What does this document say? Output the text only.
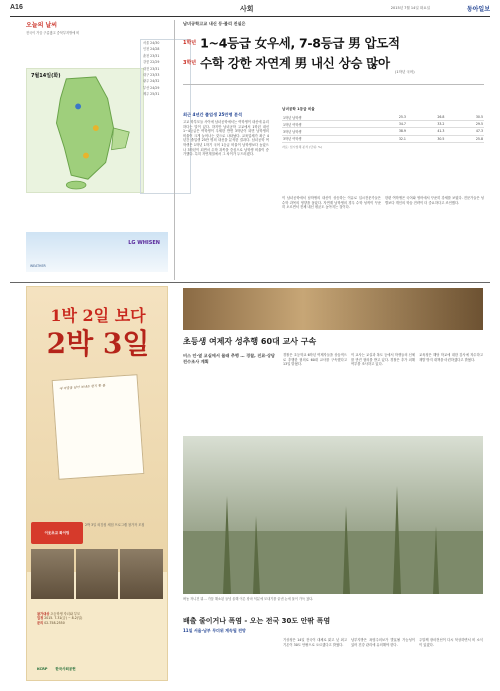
A16	사회	2015년 7월 14일 화요일	동아일보
오늘의 날씨
전국이 가끔 구름많고 중북부지방에 비
7월14일(화)
서울 24/30
인천 24/28
춘천 23/31
강릉 22/29
대전 23/31
대구 23/33
광주 24/32
부산 24/29
제주 25/31
LG WHISEN
WEATHER
남녀공학고교 내신 등·불리 진실은
1학년 1~4등급 女우세, 7-8등급 男 압도적
3학년 수학 강한 자연계 男 내신 상승 많아
(1학년 국어)
최근 4년간 졸업생 25만명 분석
고교 학부모들 사이에 남녀공학에서는 여학생이 내신에 유리하다는 말이 있다. 하지만 남녀공학 고교에서 1학년 내신 1~4등급은 여학생이 우세한 반면 3학년이 되면 남학생의 비율이 크게 늘어나는 것으로 나타났다. 교육업체가 최근 4년간 졸업생 25만 명의 내신을 분석한 결과다. 남녀공학 여학생은 1학년 1학기 국어 1등급 비율이 남학생보다 높았으나 3학년이 되면서 수학 과목을 중심으로 남학생 비율이 증가했다. 특히 자연계열에서 그 차이가 두드러졌다.
남녀공학 1등급 비율
1학년 남학생	25.3	26.8	30.5
1학년 여학생	34.7	33.2	29.5
3학년 남학생	38.9	41.3	47.3
3학년 여학생	32.1	30.5	25.8
자료: 입시업체 분석 (단위: %)
이 남녀공학에서 남학생의 내신이 상승하는 이유로 입시전문가들은 수학 과목의 영향을 꼽았다. 자연계 남학생의 경우 수학 성적이 꾸준히 오르면서 전체 내신 평균도 높아지는 것이다.
한편 여학생은 국어와 영어에서 꾸준히 강세를 보였다. 전문가들은 성별보다 개인의 학습 전략이 더 중요하다고 조언했다.
1박 2일 보다
2박 3일
내 마음을 담아 보내는 편지 한 통
이웃초교 화이팅
2박 3일 외갓집 체험 프로그램 참가자 모집
참가대상 초등학생 자녀와 부모
일정 2015. 7.31(금) ~ 8.2(일)
문의 02-758-2550
KCRP 한국사회공헌
초등생 여제자 성추행 60대 교사 구속
비스 안·옆 교실에서 몰래 추행 … 경찰, 진료·상담 전수조사 계획
경찰은 초등학교 6학년 여제자들을 상습적으로 추행한 혐의로 60대 교사를 구속했다고 13일 밝혔다.
이 교사는 교실과 복도 등에서 학생들의 신체를 만진 혐의를 받고 있다. 경찰은 추가 피해 여부를 조사하고 있다.
교육청은 해당 학교에 대한 감사에 착수하고 재발 방지 대책을 마련하겠다고 밝혔다.
벼농 자니건 뭐… 가뭄 해소된 들녘 올해 이른 장마 덕분에 모내기를 끝낸 논에 물이 가득 찼다.
배출 줄이거나 폭염 - 오는 전국 30도 안팎 폭염
11일 서울·남부 무더위 계속될 전망
기상청은 14일 전국이 대체로 맑고 낮 최고기온이 30도 안팎으로 오르겠다고 밝혔다.
남부지방은 폭염주의보가 발효될 가능성이 있어 건강 관리에 유의해야 한다.
주말께 장마전선이 다시 북상하면서 비 소식이 있겠다.
